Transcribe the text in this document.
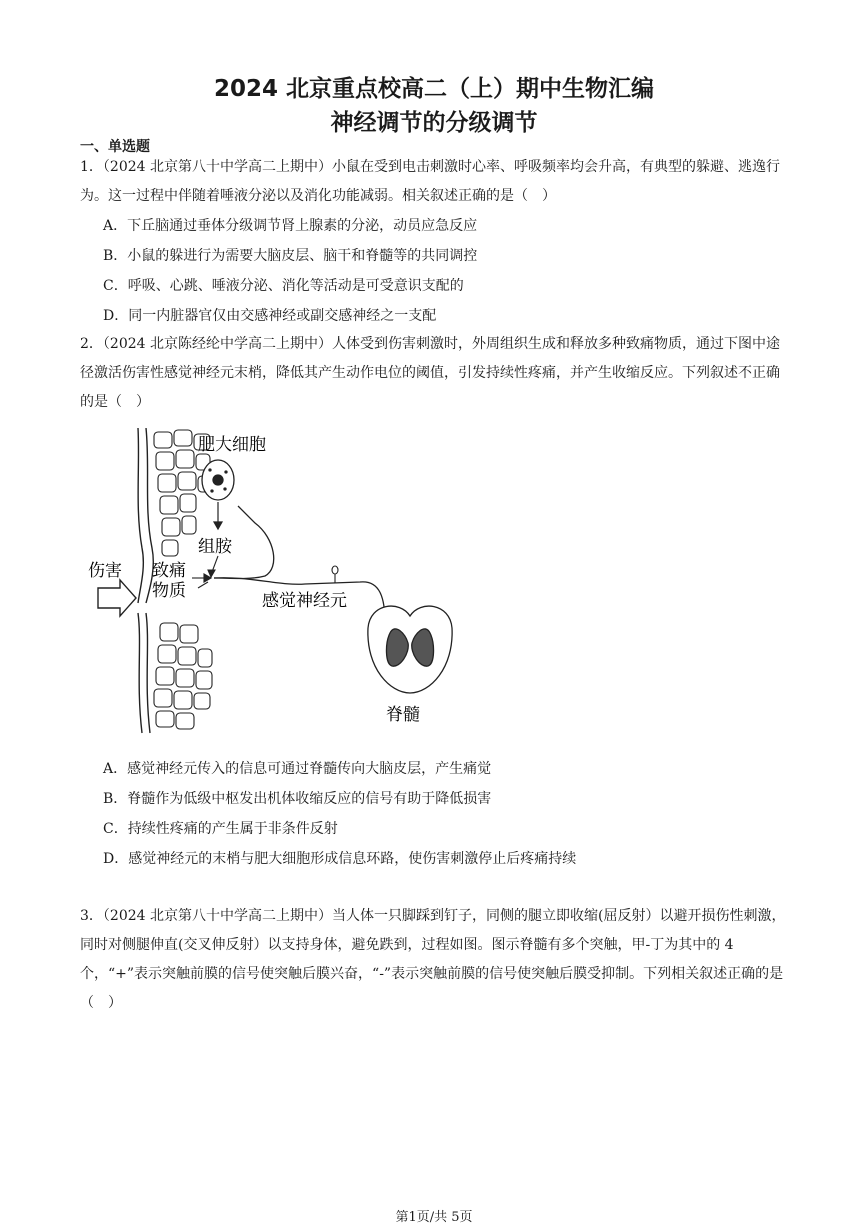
2024 北京重点校高二（上）期中生物汇编
神经调节的分级调节
一、单选题
1．（2024 北京第八十中学高二上期中）小鼠在受到电击刺激时心率、呼吸频率均会升高，有典型的躲避、逃逸行为。这一过程中伴随着唾液分泌以及消化功能减弱。相关叙述正确的是（　）
A．下丘脑通过垂体分级调节肾上腺素的分泌，动员应急反应
B．小鼠的躲进行为需要大脑皮层、脑干和脊髓等的共同调控
C．呼吸、心跳、唾液分泌、消化等活动是可受意识支配的
D．同一内脏器官仅由交感神经或副交感神经之一支配
2．（2024 北京陈经纶中学高二上期中）人体受到伤害刺激时，外周组织生成和释放多种致痛物质，通过下图中途径激活伤害性感觉神经元末梢，降低其产生动作电位的阈值，引发持续性疼痛，并产生收缩反应。下列叙述不正确的是（　）
肥大细胞
组胺
伤害 致痛
物质	感觉神经元
脊髓
A．感觉神经元传入的信息可通过脊髓传向大脑皮层，产生痛觉
B．脊髓作为低级中枢发出机体收缩反应的信号有助于降低损害
C．持续性疼痛的产生属于非条件反射
D．感觉神经元的末梢与肥大细胞形成信息环路，使伤害刺激停止后疼痛持续
3．（2024 北京第八十中学高二上期中）当人体一只脚踩到钉子，同侧的腿立即收缩(屈反射）以避开损伤性刺激，同时对侧腿伸直(交叉伸反射）以支持身体，避免跌到，过程如图。图示脊髓有多个突触，甲-丁为其中的 4 个，“+”表示突触前膜的信号使突触后膜兴奋，“-”表示突触前膜的信号使突触后膜受抑制。下列相关叙述正确的是（　）
第1页/共 5页
